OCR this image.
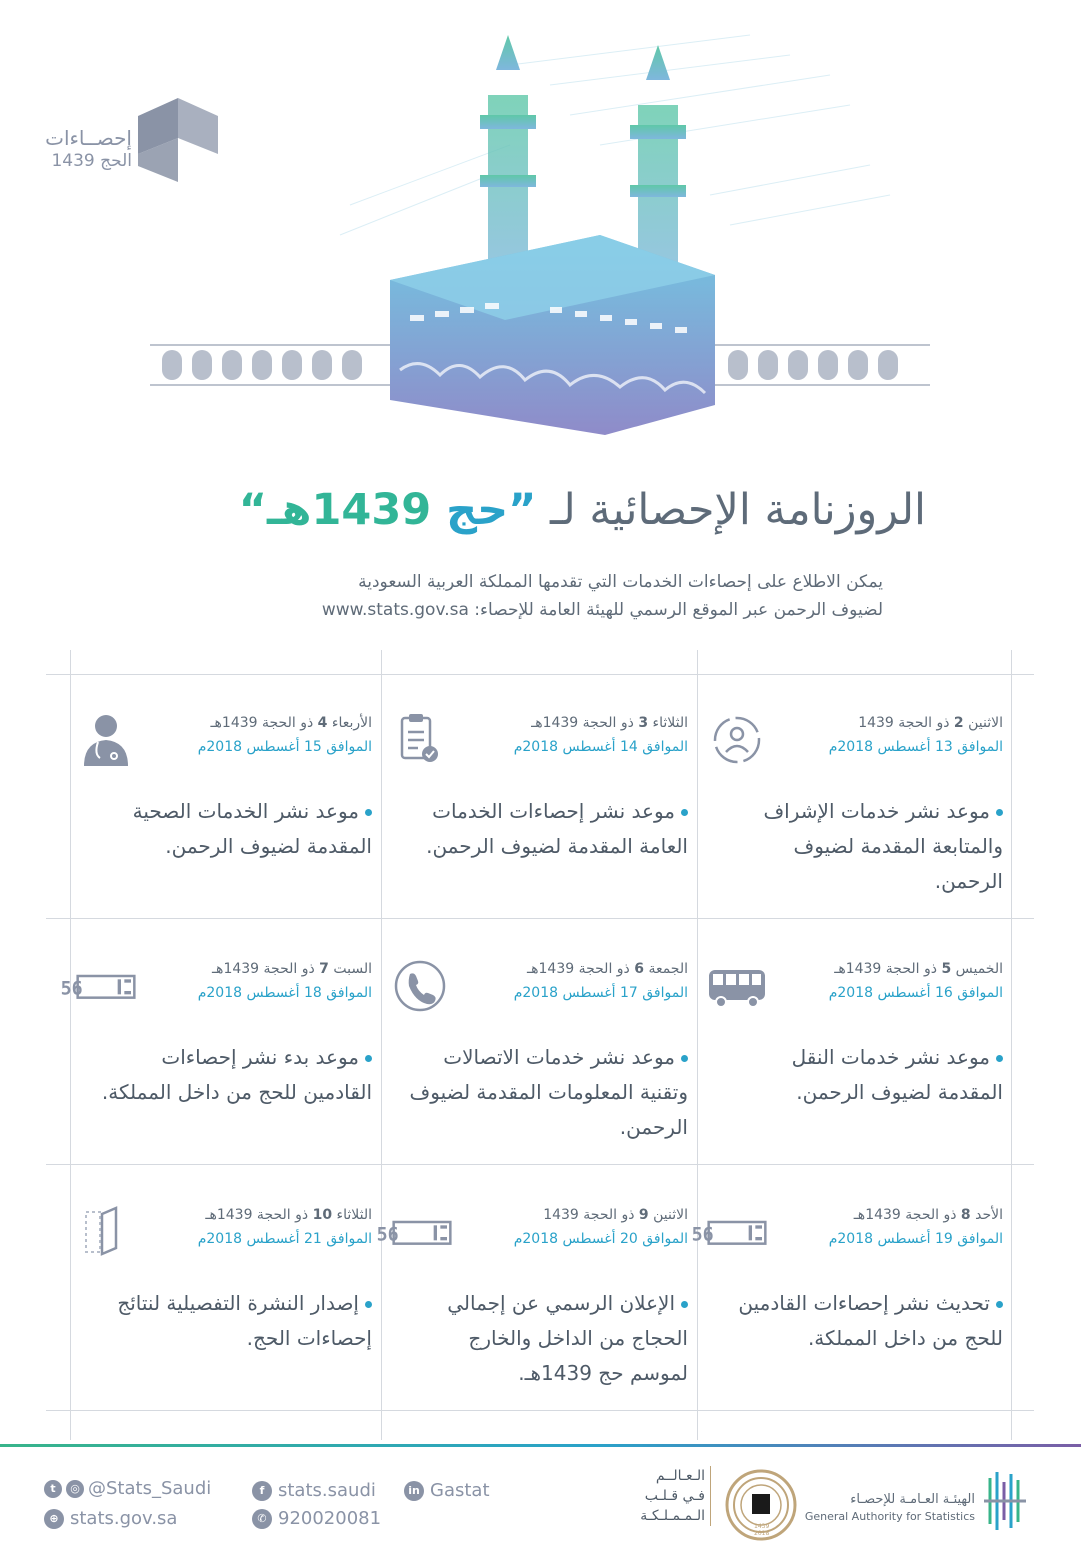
إحصــاءات
الحج 1439
الروزنامة الإحصائية لـ ”حج 1439هـ“
يمكن الاطلاع على إحصاءات الخدمات التي تقدمها المملكة العربية السعودية
لضيوف الرحمن عبر الموقع الرسمي للهيئة العامة للإحصاء: www.stats.gov.sa
الاثنين 2 ذو الحجة 1439
الموافق 13 أغسطس 2018م
موعد نشر خدمات الإشراف والمتابعة المقدمة لضيوف الرحمن.
الثلاثاء 3 ذو الحجة 1439هـ
الموافق 14 أغسطس 2018م
موعد نشر إحصاءات الخدمات العامة المقدمة لضيوف الرحمن.
الأربعاء 4 ذو الحجة 1439هـ
الموافق 15 أغسطس 2018م
موعد نشر الخدمات الصحية المقدمة لضيوف الرحمن.
الخميس 5 ذو الحجة 1439هـ
الموافق 16 أغسطس 2018م
موعد نشر خدمات النقل المقدمة لضيوف الرحمن.
الجمعة 6 ذو الحجة 1439هـ
الموافق 17 أغسطس 2018م
موعد نشر خدمات الاتصالات وتقنية المعلومات المقدمة لضيوف الرحمن.
56
السبت 7 ذو الحجة 1439هـ
الموافق 18 أغسطس 2018م
موعد بدء نشر إحصاءات القادمين للحج من داخل المملكة.
56
الأحد 8 ذو الحجة 1439هـ
الموافق 19 أغسطس 2018م
تحديث نشر إحصاءات القادمين للحج من داخل المملكة.
56
الاثنين 9 ذو الحجة 1439
الموافق 20 أغسطس 2018م
الإعلان الرسمي عن إجمالي الحجاج من الداخل والخارج لموسم حج 1439هـ.
الثلاثاء 10 ذو الحجة 1439هـ
الموافق 21 أغسطس 2018م
إصدار النشرة التفصيلية لنتائج إحصاءات الحج.
t	◎ @Stats_Saudi
⊕ stats.gov.sa
f stats.saudi
✆ 920020081
in Gastat
الـعـالــم
فـي قـلـب
الـمـمـلـكـة
1439
2018
الهيئـة العـامـة للإحصـاء
General Authority for Statistics
